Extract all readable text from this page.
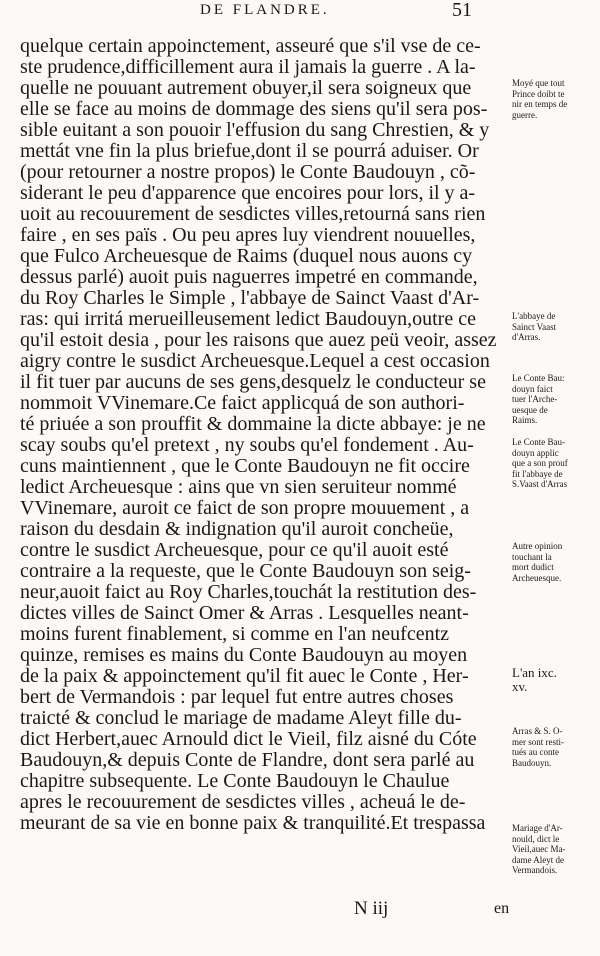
DE FLANDRE.	51
quelque certain appoinctement, asseuré que s'il vse de ce-
ste prudence,difficillement aura il jamais la guerre . A la-
quelle ne pouuant autrement obuyer,il sera soigneux que
elle se face au moins de dommage des siens qu'il sera pos-
sible euitant a son pouoir l'effusion du sang Chrestien, & y
mettát vne fin la plus briefue,dont il se pourrá aduiser. Or
(pour retourner a nostre propos) le Conte Baudouyn , cõ-
siderant le peu d'apparence que encoires pour lors, il y a-
uoit au recouurement de sesdictes villes,retourná sans rien
faire , en ses païs . Ou peu apres luy viendrent nouuelles,
que Fulco Archeuesque de Raims (duquel nous auons cy
dessus parlé) auoit puis naguerres impetré en commande,
du Roy Charles le Simple , l'abbaye de Sainct Vaast d'Ar-
ras: qui irritá merueilleusement ledict Baudouyn,outre ce
qu'il estoit desia , pour les raisons que auez peü veoir, assez
aigry contre le susdict Archeuesque.Lequel a cest occasion
il fit tuer par aucuns de ses gens,desquelz le conducteur se
nommoit VVinemare.Ce faict applicquá de son authori-
té priuée a son prouffit & dommaine la dicte abbaye: je ne
scay soubs qu'el pretext , ny soubs qu'el fondement . Au-
cuns maintiennent , que le Conte Baudouyn ne fit occire
ledict Archeuesque : ains que vn sien seruiteur nommé
VVinemare, auroit ce faict de son propre mouuement , a
raison du desdain & indignation qu'il auroit concheüe,
contre le susdict Archeuesque, pour ce qu'il auoit esté
contraire a la requeste, que le Conte Baudouyn son seig-
neur,auoit faict au Roy Charles,touchát la restitution des-
dictes villes de Sainct Omer & Arras . Lesquelles neant-
moins furent finablement, si comme en l'an neufcentz
quinze, remises es mains du Conte Baudouyn au moyen
de la paix & appoinctement qu'il fit auec le Conte , Her-
bert de Vermandois : par lequel fut entre autres choses
traicté & conclud le mariage de madame Aleyt fille du-
dict Herbert,auec Arnould dict le Vieil, filz aisné du Cóte
Baudouyn,& depuis Conte de Flandre, dont sera parlé au
chapitre subsequente. Le Conte Baudouyn le Chaulue
apres le recouurement de sesdictes villes , acheuá le de-
meurant de sa vie en bonne paix & tranquilité.Et trespassa
Moyé que tout
Prince doibt te
nir en temps de
guerre.
L'abbaye de
Sainct Vaast
d'Arras.
Le Conte Bau:
douyn faict
tuer l'Arche-
uesque de
Raims.
Le Conte Bau-
douyn applic
que a son prouf
fit l'abbaye de
S.Vaast d'Arras
Autre opinion
touchant la
mort dudict
Archeuesque.
L'an ixc.
xv.
Arras & S. O-
mer sont resti-
tués au conte
Baudouyn.
Mariage d'Ar-
nould, dict le
Vieil,auec Ma-
dame Aleyt de
Vermandois.
N iij	en
